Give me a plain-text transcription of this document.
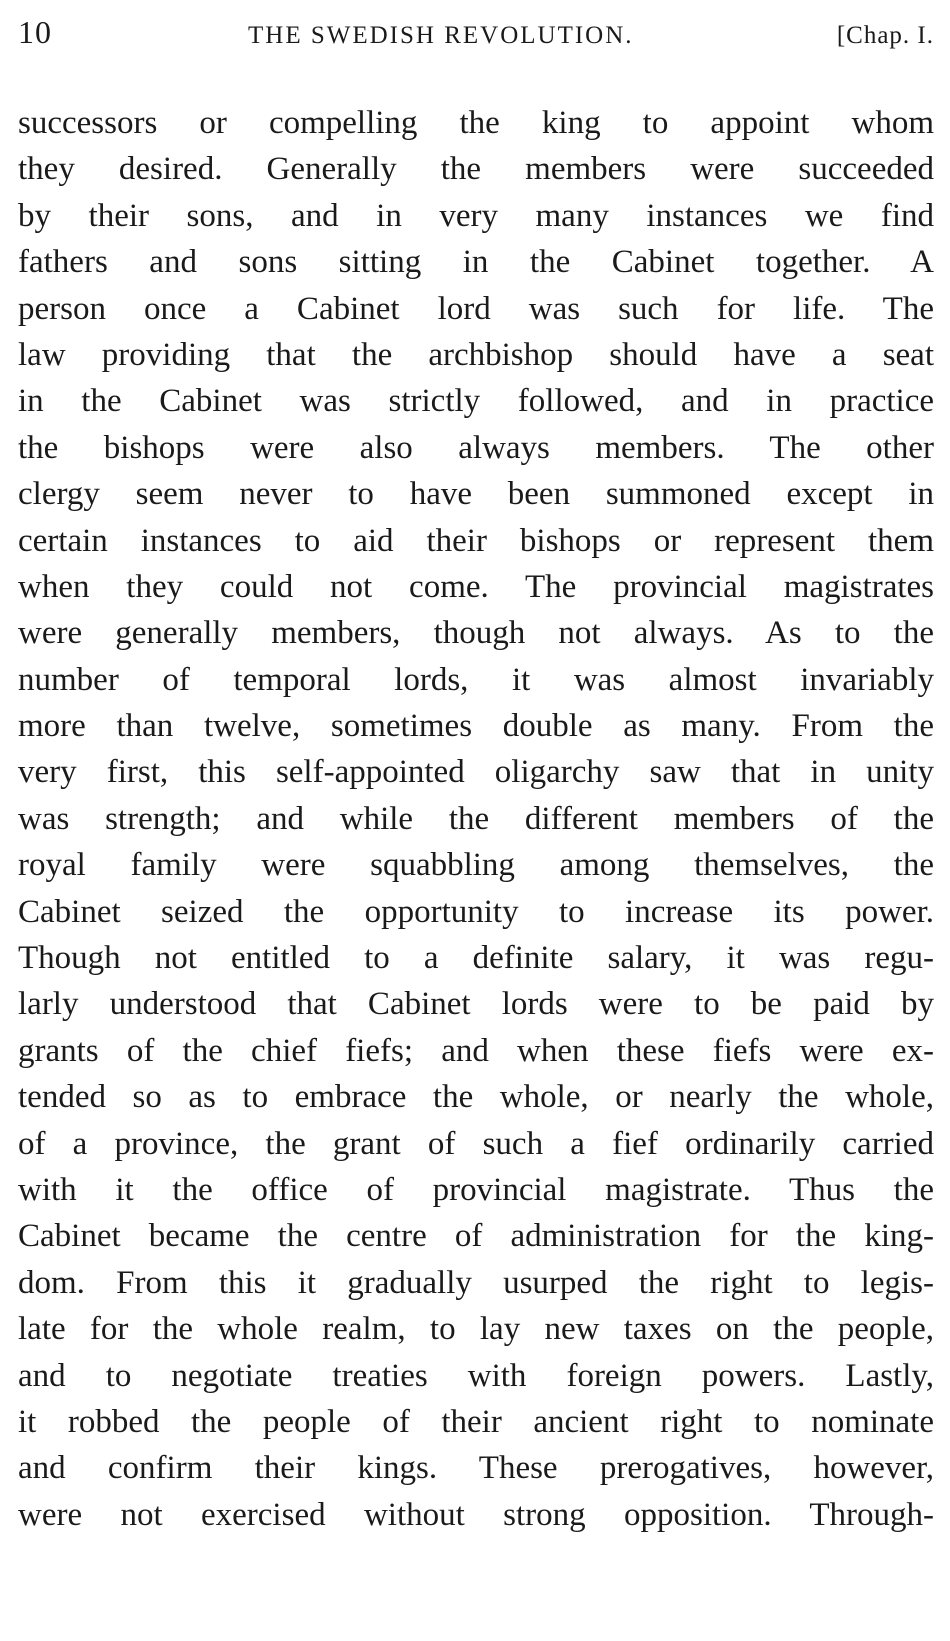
10	THE SWEDISH REVOLUTION.	[Chap. I.
successors or compelling the king to appoint whom
they desired. Generally the members were succeeded
by their sons, and in very many instances we find
fathers and sons sitting in the Cabinet together. A
person once a Cabinet lord was such for life. The
law providing that the archbishop should have a seat
in the Cabinet was strictly followed, and in practice
the bishops were also always members. The other
clergy seem never to have been summoned except in
certain instances to aid their bishops or represent them
when they could not come. The provincial magistrates
were generally members, though not always. As to the
number of temporal lords, it was almost invariably
more than twelve, sometimes double as many. From the
very first, this self-appointed oligarchy saw that in unity
was strength; and while the different members of the
royal family were squabbling among themselves, the
Cabinet seized the opportunity to increase its power.
Though not entitled to a definite salary, it was regu-
larly understood that Cabinet lords were to be paid by
grants of the chief fiefs; and when these fiefs were ex-
tended so as to embrace the whole, or nearly the whole,
of a province, the grant of such a fief ordinarily carried
with it the office of provincial magistrate. Thus the
Cabinet became the centre of administration for the king-
dom. From this it gradually usurped the right to legis-
late for the whole realm, to lay new taxes on the people,
and to negotiate treaties with foreign powers. Lastly,
it robbed the people of their ancient right to nominate
and confirm their kings. These prerogatives, however,
were not exercised without strong opposition. Through-
